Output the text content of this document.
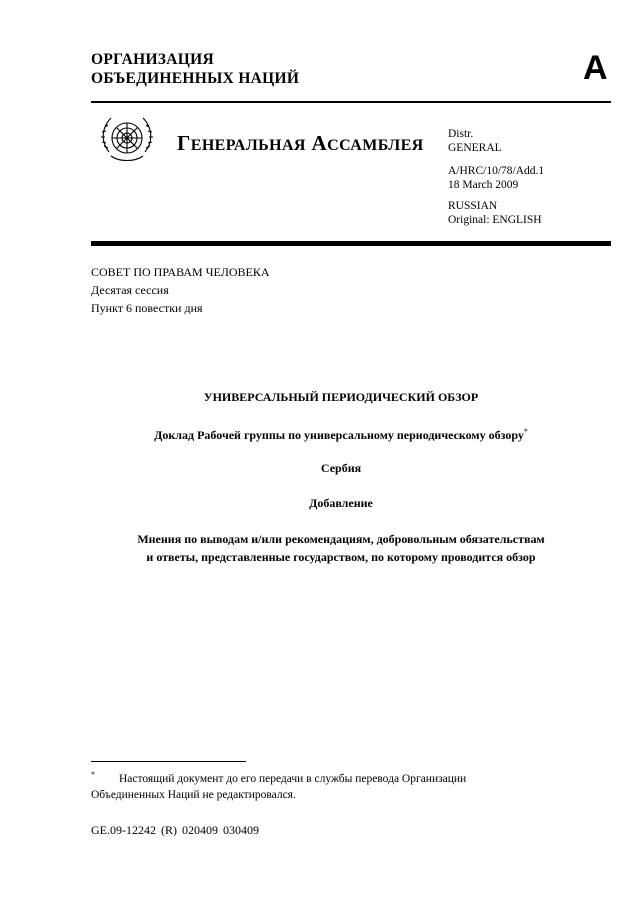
ОРГАНИЗАЦИЯ
ОБЪЕДИНЕННЫХ НАЦИЙ	A
ГЕНЕРАЛЬНАЯ АССАМБЛЕЯ
Distr.
GENERAL
A/HRC/10/78/Add.1
18 March 2009
RUSSIAN
Original: ENGLISH
СОВЕТ ПО ПРАВАМ ЧЕЛОВЕКА
Десятая сессия
Пункт 6 повестки дня
УНИВЕРСАЛЬНЫЙ ПЕРИОДИЧЕСКИЙ ОБЗОР
Доклад Рабочей группы по универсальному периодическому обзору*
Сербия
Добавление
Мнения по выводам и/или рекомендациям, добровольным обязательствам
и ответы, представленные государством, по которому проводится обзор
* Настоящий документ до его передачи в службы перевода Организации Объединенных Наций не редактировался.
GE.09-12242 (R) 020409 030409
